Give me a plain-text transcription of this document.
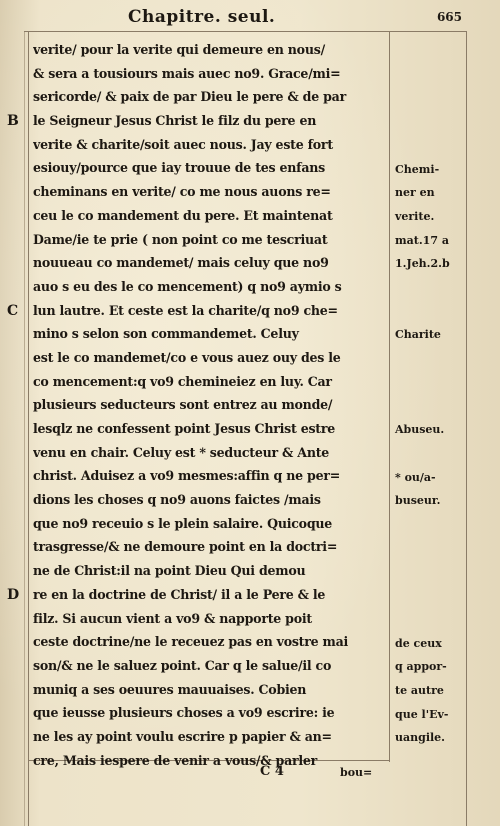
Chapitre. seul.	665
verite/ pour la verite qui demeure en nous/
& sera a tousiours mais auec no9. Grace/mi=
sericorde/ & paix de par Dieu le pere & de par
le Seigneur Jesus Christ le filz du pere en
verite & charite/soit auec nous. Jay este fort
esiouy/pource que iay trouue de tes enfans
cheminans en verite/ co me nous auons re=
ceu le co mandement du pere. Et maintenat
Dame/ie te prie ( non point co me tescriuat
nouueau co mandemet/ mais celuy que no9
auo s eu des le co mencement) q no9 aymio s
lun lautre. Et ceste est la charite/q no9 che=
mino s selon son commandemet. Celuy
est le co mandemet/co e vous auez ouy des le
co mencement:q vo9 chemineiez en luy. Car
plusieurs seducteurs sont entrez au monde/
lesqlz ne confessent point Jesus Christ estre
venu en chair. Celuy est * seducteur & Ante
christ. Aduisez a vo9 mesmes:affin q ne per=
dions les choses q no9 auons faictes /mais
que no9 receuio s le plein salaire. Quicoque
trasgresse/& ne demoure point en la doctri=
ne de Christ:il na point Dieu Qui demou
re en la doctrine de Christ/ il a le Pere & le
filz. Si aucun vient a vo9 & napporte poit
ceste doctrine/ne le receuez pas en vostre mai
son/& ne le saluez point. Car q le salue/il co
muniq a ses oeuures mauuaises. Cobien
que ieusse plusieurs choses a vo9 escrire: ie
ne les ay point voulu escrire p papier & an=
cre, Mais iespere de venir a vous/& parler
Chemi-
ner en
verite.
mat.17 a
1.Jeh.2.b
Charite
Abuseu.
* ou/a-
buseur.
de ceux
q appor-
te autre
que l'Ev-
uangile.
B
C
D
C 4	bou=
